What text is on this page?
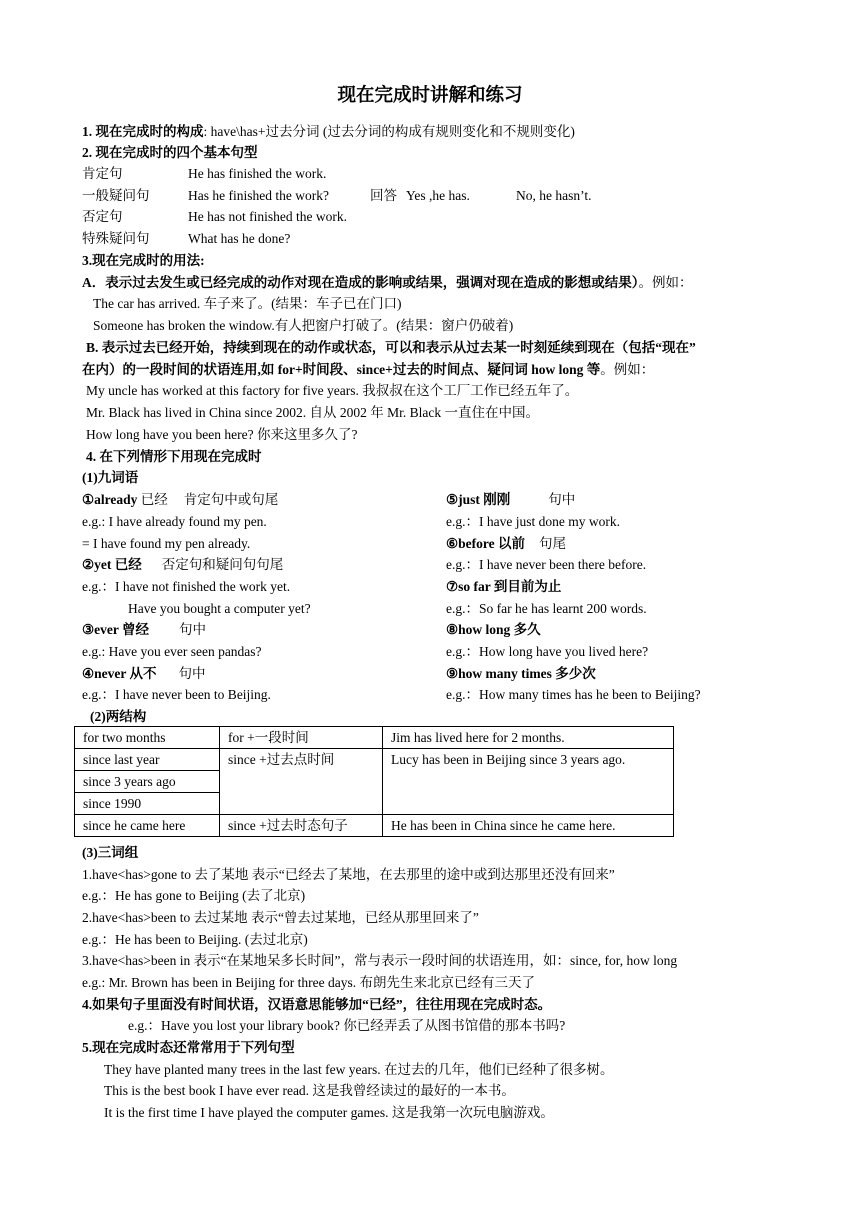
现在完成时讲解和练习
1. 现在完成时的构成: have\has+过去分词 (过去分词的构成有规则变化和不规则变化)
2. 现在完成时的四个基本句型
肯定句	He has finished the work.
一般疑问句	Has he finished the work?	回答 Yes ,he has.	No, he hasn’t.
否定句	He has not finished the work.
特殊疑问句	What has he done?
3.现在完成时的用法:
A．表示过去发生或已经完成的动作对现在造成的影响或结果，强调对现在造成的影想或结果）。例如：
The car has arrived. 车子来了。(结果：车子已在门口)
Someone has broken the window.有人把窗户打破了。(结果：窗户仍破着)
B. 表示过去已经开始，持续到现在的动作或状态，可以和表示从过去某一时刻延续到现在（包括“现在”
在内）的一段时间的状语连用,如 for+时间段、since+过去的时间点、疑问词 how long 等。例如：
My uncle has worked at this factory for five years. 我叔叔在这个工厂工作已经五年了。
Mr. Black has lived in China since 2002. 自从 2002 年 Mr. Black 一直住在中国。
How long have you been here? 你来这里多久了?
4. 在下列情形下用现在完成时
(1)九词语
①already 已经 肯定句中或句尾
e.g.: I have already found my pen.
= I have found my pen already.
②yet 已经 否定句和疑问句句尾
e.g.：I have not finished the work yet.
Have you bought a computer yet?
③ever 曾经 句中
e.g.: Have you ever seen pandas?
④never 从不 句中
e.g.：I have never been to Beijing.
⑤just 刚刚	句中
e.g.：I have just done my work.
⑥before 以前 句尾
e.g.：I have never been there before.
⑦so far 到目前为止
e.g.：So far he has learnt 200 words.
⑧how long 多久
e.g.：How long have you lived here?
⑨how many times 多少次
e.g.：How many times has he been to Beijing?
(2)两结构
for two months	for +一段时间	Jim has lived here for 2 months.
since last year	since +过去点时间	Lucy has been in Beijing since 3 years ago.
since 3 years ago		
since 1990		
since he came here	since +过去时态句子	He has been in China since he came here.
(3)三词组
1.have<has>gone to 去了某地 表示“已经去了某地，在去那里的途中或到达那里还没有回来”
e.g.：He has gone to Beijing (去了北京)
2.have<has>been to 去过某地 表示“曾去过某地，已经从那里回来了”
e.g.：He has been to Beijing. (去过北京)
3.have<has>been in 表示“在某地呆多长时间”，常与表示一段时间的状语连用，如：since, for, how long
e.g.: Mr. Brown has been in Beijing for three days. 布朗先生来北京已经有三天了
4.如果句子里面没有时间状语，汉语意思能够加“已经”，往往用现在完成时态。
e.g.：Have you lost your library book? 你已经弄丢了从图书馆借的那本书吗?
5.现在完成时态还常常用于下列句型
They have planted many trees in the last few years. 在过去的几年，他们已经种了很多树。
This is the best book I have ever read. 这是我曾经读过的最好的一本书。
It is the first time I have played the computer games. 这是我第一次玩电脑游戏。
